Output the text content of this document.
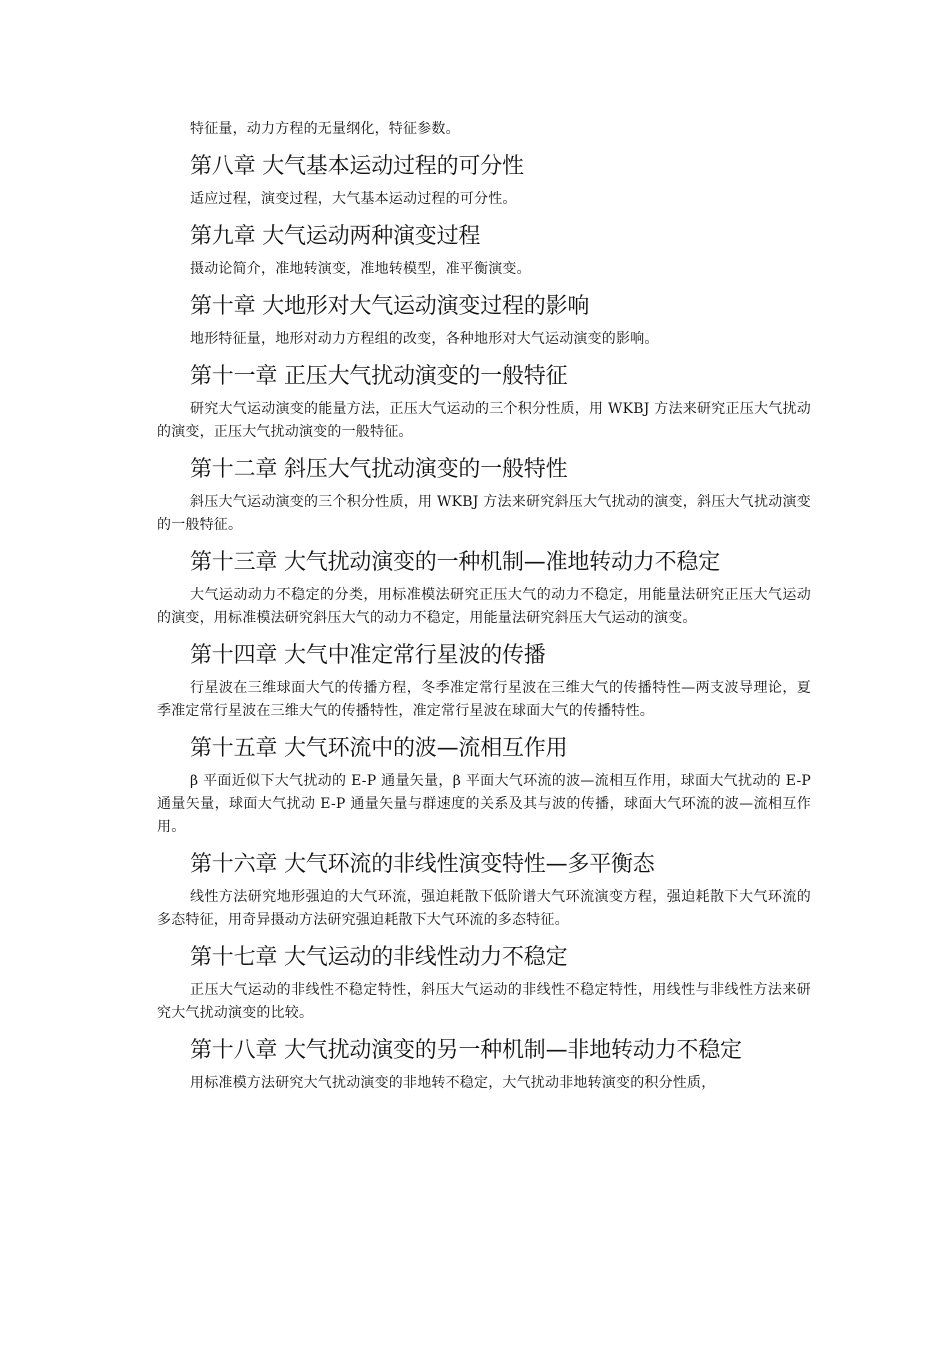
特征量，动力方程的无量纲化，特征参数。

第八章 大气基本运动过程的可分性

适应过程，演变过程，大气基本运动过程的可分性。

第九章 大气运动两种演变过程

摄动论简介，准地转演变，准地转模型，准平衡演变。

第十章 大地形对大气运动演变过程的影响

地形特征量，地形对动力方程组的改变，各种地形对大气运动演变的影响。

第十一章 正压大气扰动演变的一般特征

研究大气运动演变的能量方法，正压大气运动的三个积分性质，用 WKBJ 方法来研究正压大气扰动的演变，正压大气扰动演变的一般特征。

第十二章 斜压大气扰动演变的一般特性

斜压大气运动演变的三个积分性质，用 WKBJ 方法来研究斜压大气扰动的演变，斜压大气扰动演变的一般特征。

第十三章 大气扰动演变的一种机制—准地转动力不稳定

大气运动动力不稳定的分类，用标准模法研究正压大气的动力不稳定，用能量法研究正压大气运动的演变，用标准模法研究斜压大气的动力不稳定，用能量法研究斜压大气运动的演变。

第十四章 大气中准定常行星波的传播

行星波在三维球面大气的传播方程，冬季准定常行星波在三维大气的传播特性—两支波导理论，夏季准定常行星波在三维大气的传播特性，准定常行星波在球面大气的传播特性。

第十五章 大气环流中的波—流相互作用

β 平面近似下大气扰动的 E-P 通量矢量，β 平面大气环流的波—流相互作用，球面大气扰动的 E-P 通量矢量，球面大气扰动 E-P 通量矢量与群速度的关系及其与波的传播，球面大气环流的波—流相互作用。

第十六章 大气环流的非线性演变特性—多平衡态

线性方法研究地形强迫的大气环流，强迫耗散下低阶谱大气环流演变方程，强迫耗散下大气环流的多态特征，用奇异摄动方法研究强迫耗散下大气环流的多态特征。

第十七章 大气运动的非线性动力不稳定

正压大气运动的非线性不稳定特性，斜压大气运动的非线性不稳定特性，用线性与非线性方法来研究大气扰动演变的比较。

第十八章 大气扰动演变的另一种机制—非地转动力不稳定

用标准模方法研究大气扰动演变的非地转不稳定，大气扰动非地转演变的积分性质，
